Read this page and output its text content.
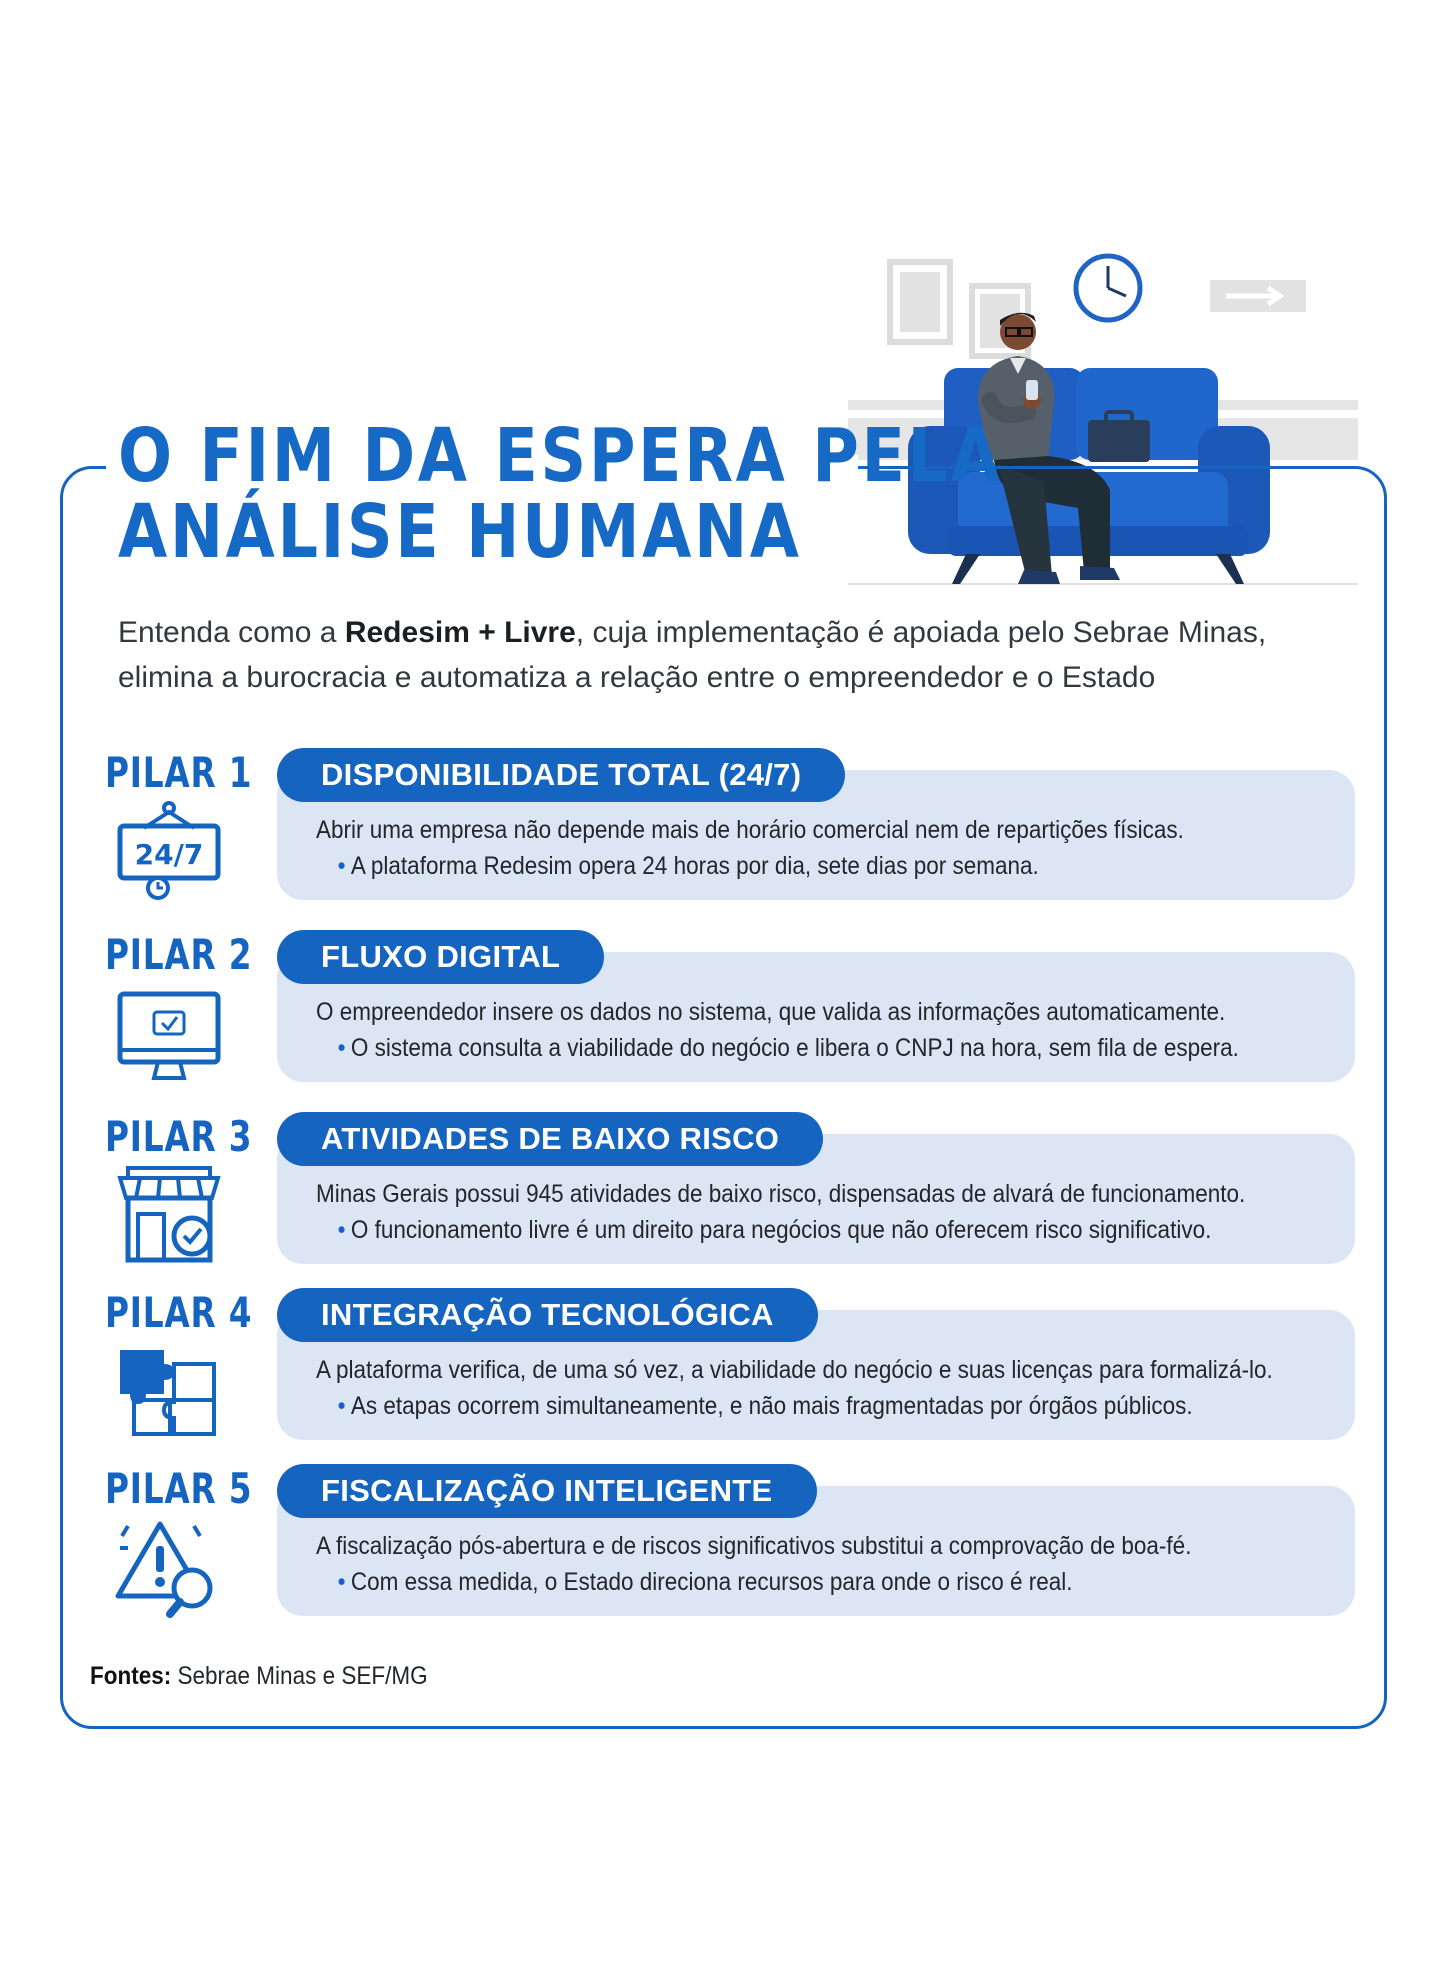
O FIM DA ESPERA PELA
ANÁLISE HUMANA
Entenda como a Redesim + Livre, cuja implementação é apoiada pelo Sebrae Minas,
elimina a burocracia e automatiza a relação entre o empreendedor e o Estado
PILAR 1
24/7
DISPONIBILIDADE TOTAL (24/7)
Abrir uma empresa não depende mais de horário comercial nem de repartições físicas.
• A plataforma Redesim opera 24 horas por dia, sete dias por semana.
PILAR 2	FLUXO DIGITAL
O empreendedor insere os dados no sistema, que valida as informações automaticamente.
• O sistema consulta a viabilidade do negócio e libera o CNPJ na hora, sem fila de espera.
PILAR 3	ATIVIDADES DE BAIXO RISCO
Minas Gerais possui 945 atividades de baixo risco, dispensadas de alvará de funcionamento.
• O funcionamento livre é um direito para negócios que não oferecem risco significativo.
PILAR 4	INTEGRAÇÃO TECNOLÓGICA
A plataforma verifica, de uma só vez, a viabilidade do negócio e suas licenças para formalizá-lo.
• As etapas ocorrem simultaneamente, e não mais fragmentadas por órgãos públicos.
PILAR 5	FISCALIZAÇÃO INTELIGENTE
A fiscalização pós-abertura e de riscos significativos substitui a comprovação de boa-fé.
• Com essa medida, o Estado direciona recursos para onde o risco é real.
Fontes: Sebrae Minas e SEF/MG
